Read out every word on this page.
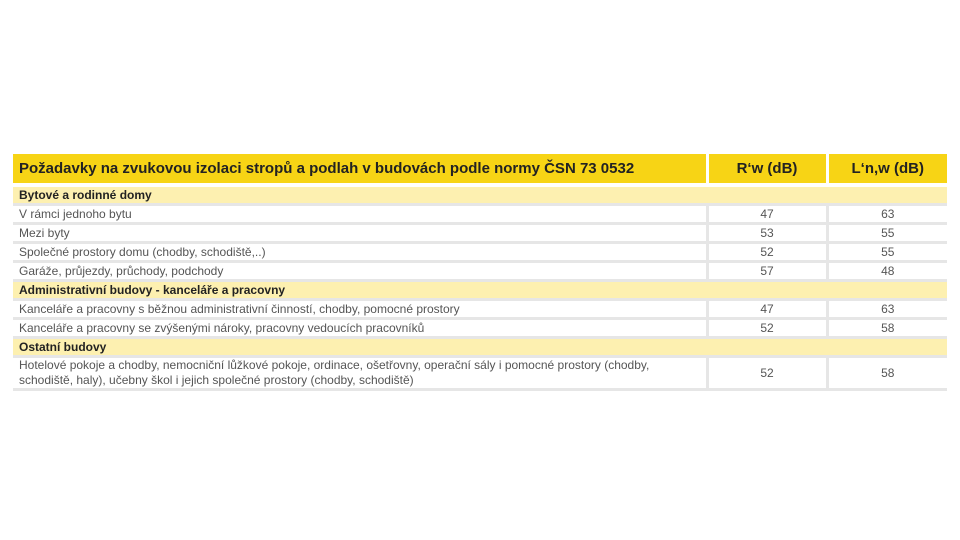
Požadavky na zvukovou izolaci stropů a podlah v budovách podle normy ČSN 73 0532	R‘w (dB)	L‘n,w (dB)

Bytové a rodinné domy		
V rámci jednoho bytu	47	63
Mezi byty	53	55
Společné prostory domu (chodby, schodiště,..)	52	55
Garáže, průjezdy, průchody, podchody	57	48
Administrativní budovy - kanceláře a pracovny		
Kanceláře a pracovny s běžnou administrativní činností, chodby, pomocné prostory	47	63
Kanceláře a pracovny se zvýšenými nároky, pracovny vedoucích pracovníků	52	58
Ostatní budovy		
Hotelové pokoje a chodby, nemocniční lůžkové pokoje, ordinace, ošetřovny, operační sály i pomocné prostory (chodby, schodiště, haly), učebny škol i jejich společné prostory (chodby, schodiště)	52	58
